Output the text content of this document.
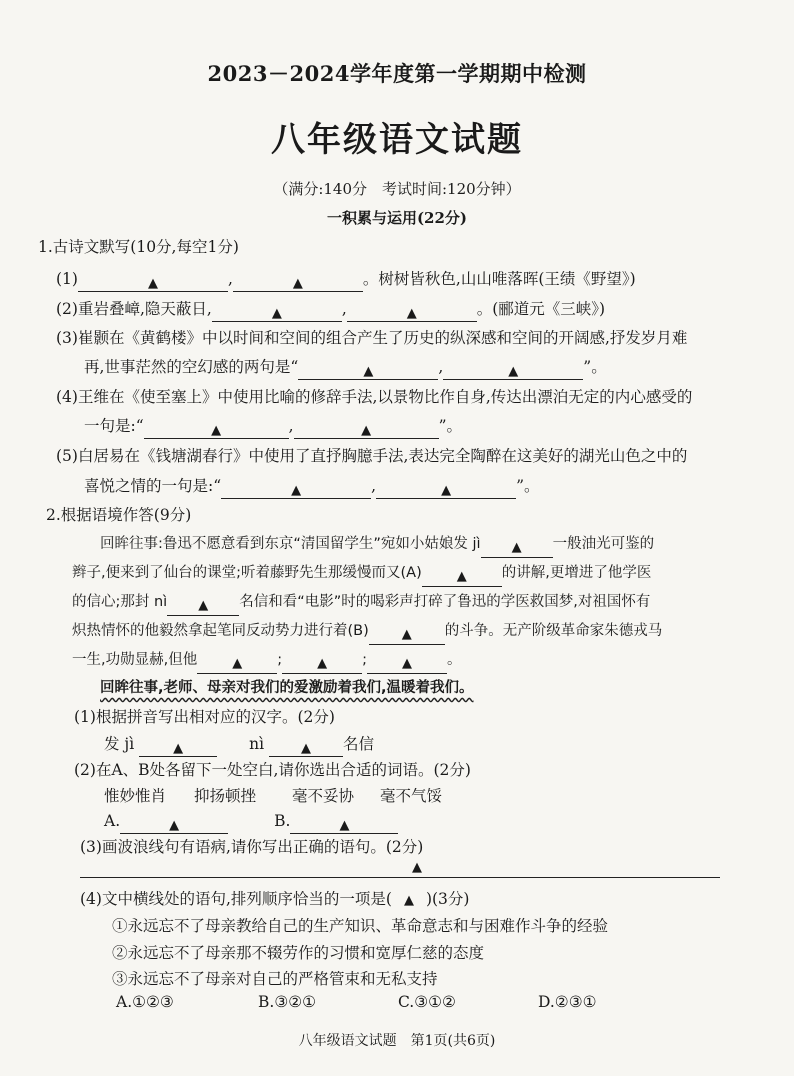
2023－2024学年度第一学期期中检测
八年级语文试题
（满分:140分　考试时间:120分钟）
一积累与运用(22分)
1.古诗文默写(10分,每空1分)
(1)	▲	,	▲	。树树皆秋色,山山唯落晖(王绩《野望》)
(2)重岩叠嶂,隐天蔽日,	▲	,	▲	。(郦道元《三峡》)
(3)崔颢在《黄鹤楼》中以时间和空间的组合产生了历史的纵深感和空间的开阔感,抒发岁月难
再,世事茫然的空幻感的两句是“	▲	,	▲	”。
(4)王维在《使至塞上》中使用比喻的修辞手法,以景物比作自身,传达出漂泊无定的内心感受的
一句是:“	▲	,	▲	”。
(5)白居易在《钱塘湖春行》中使用了直抒胸臆手法,表达完全陶醉在这美好的湖光山色之中的
喜悦之情的一句是:“	▲	,	▲	”。
2.根据语境作答(9分)
回眸往事:鲁迅不愿意看到东京“清国留学生”宛如小姑娘发 jì ▲ 一般油光可鉴的
辫子,便来到了仙台的课堂;听着藤野先生那缓慢而又(A)	▲ 的讲解,更增进了他学医
的信心;那封 nì ▲ 名信和看“电影”时的喝彩声打碎了鲁迅的学医救国梦,对祖国怀有
炽热情怀的他毅然拿起笔同反动势力进行着(B)	▲ 的斗争。无产阶级革命家朱德戎马
一生,功勋显赫,但他	▲ ;	▲ ;	▲ 。
回眸往事,老师、母亲对我们的爱激励着我们,温暖着我们。
(1)根据拼音写出相对应的汉字。(2分)
发 jì	▲	nì	▲ 名信
(2)在A、B处各留下一处空白,请你选出合适的词语。(2分)
惟妙惟肖 抑扬顿挫 毫不妥协 毫不气馁
A.	▲	B.	▲
(3)画波浪线句有语病,请你写出正确的语句。(2分)
▲
(4)文中横线处的语句,排列顺序恰当的一项是( ▲ )(3分)
①永远忘不了母亲教给自己的生产知识、革命意志和与困难作斗争的经验
②永远忘不了母亲那不辍劳作的习惯和宽厚仁慈的态度
③永远忘不了母亲对自己的严格管束和无私支持
A.①②③	B.③②①	C.③①②	D.②③①
八年级语文试题　第1页(共6页)
